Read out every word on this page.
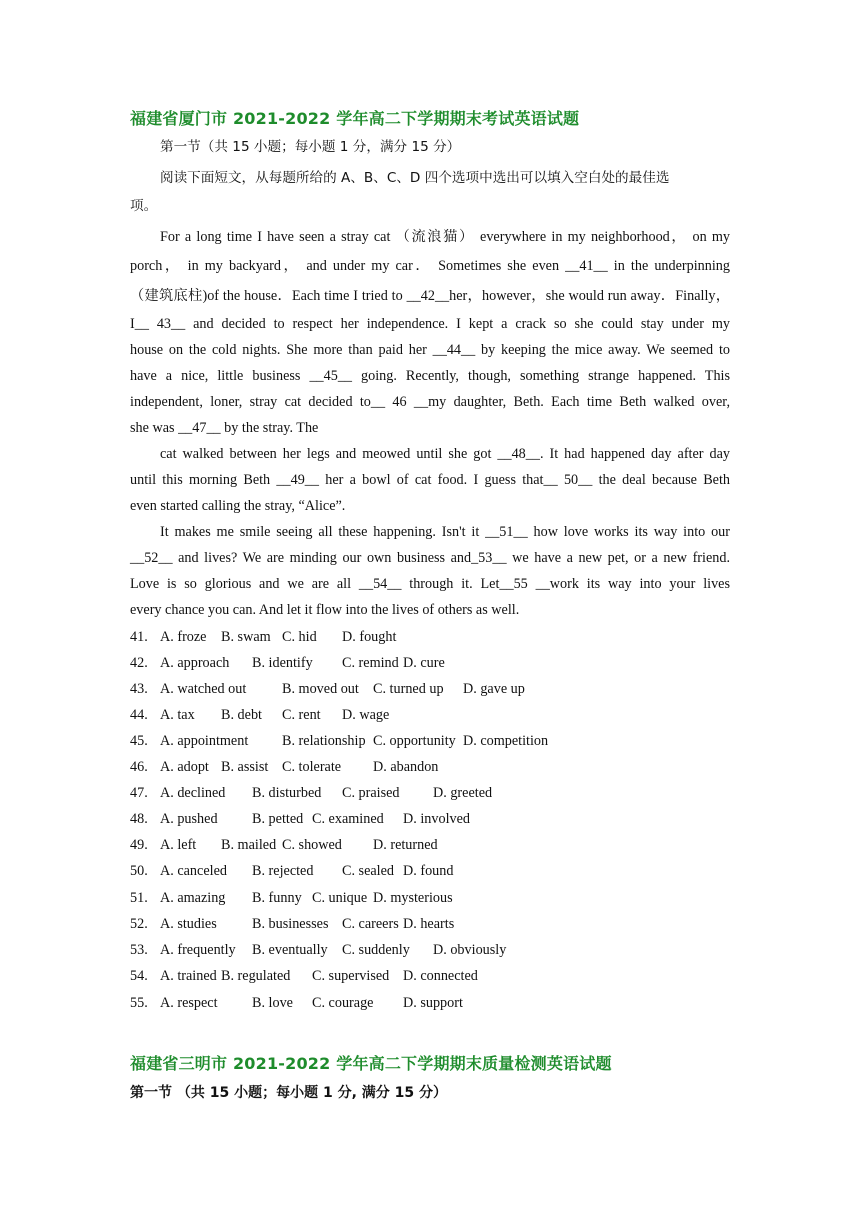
福建省厦门市 2021-2022 学年高二下学期期末考试英语试题
第一节（共 15 小题；每小题 1 分，满分 15 分）
阅读下面短文，从每题所给的 A、B、C、D 四个选项中选出可以填入空白处的最佳选
项。
For a long time I have seen a stray cat （流浪猫） everywhere in my neighborhood， on my
porch， in my backyard， and under my car． Sometimes she even __41__ in the underpinning
（建筑底柱)of the house．Each time I tried to __42__her，however，she would run away．Finally，
I__ 43__ and decided to respect her independence. I kept a crack so she could stay under my
house on the cold nights. She more than paid her __44__ by keeping the mice away. We seemed to
have a nice, little business __45__ going. Recently, though, something strange happened. This
independent, loner, stray cat decided to__ 46 __my daughter, Beth. Each time Beth walked over,
she was __47__ by the stray. The
cat walked between her legs and meowed until she got __48__. It had happened day after day
until this morning Beth __49__ her a bowl of cat food. I guess that__ 50__ the deal because Beth
even started calling the stray, “Alice”.
It makes me smile seeing all these happening. Isn't it __51__ how love works its way into our
__52__ and lives? We are minding our own business and_53__ we have a new pet, or a new friend.
Love is so glorious and we are all __54__ through it. Let__55 __work its way into your lives
every chance you can. And let it flow into the lives of others as well.
41. A. froze B. swam C. hid D. fought
42. A. approach B. identify C. remind D. cure
43. A. watched out	B. moved out C. turned up D. gave up
44. A. tax B. debt C. rent D. wage
45. A. appointment B. relationship C. opportunity D. competition
46. A. adopt B. assist C. tolerate D. abandon
47. A. declined B. disturbed C. praised D. greeted
48. A. pushed B. petted C. examined D. involved
49. A. left B. mailed C. showed D. returned
50. A. canceled B. rejected C. sealed D. found
51. A. amazing B. funny C. unique D. mysterious
52. A. studies B. businesses C. careers D. hearts
53. A. frequently B. eventually C. suddenly D. obviously
54. A. trained B. regulated C. supervised D. connected
55. A. respect B. love C. courage D. support
福建省三明市 2021-2022 学年高二下学期期末质量检测英语试题
第一节 （共 15 小题；每小题 1 分, 满分 15 分）
